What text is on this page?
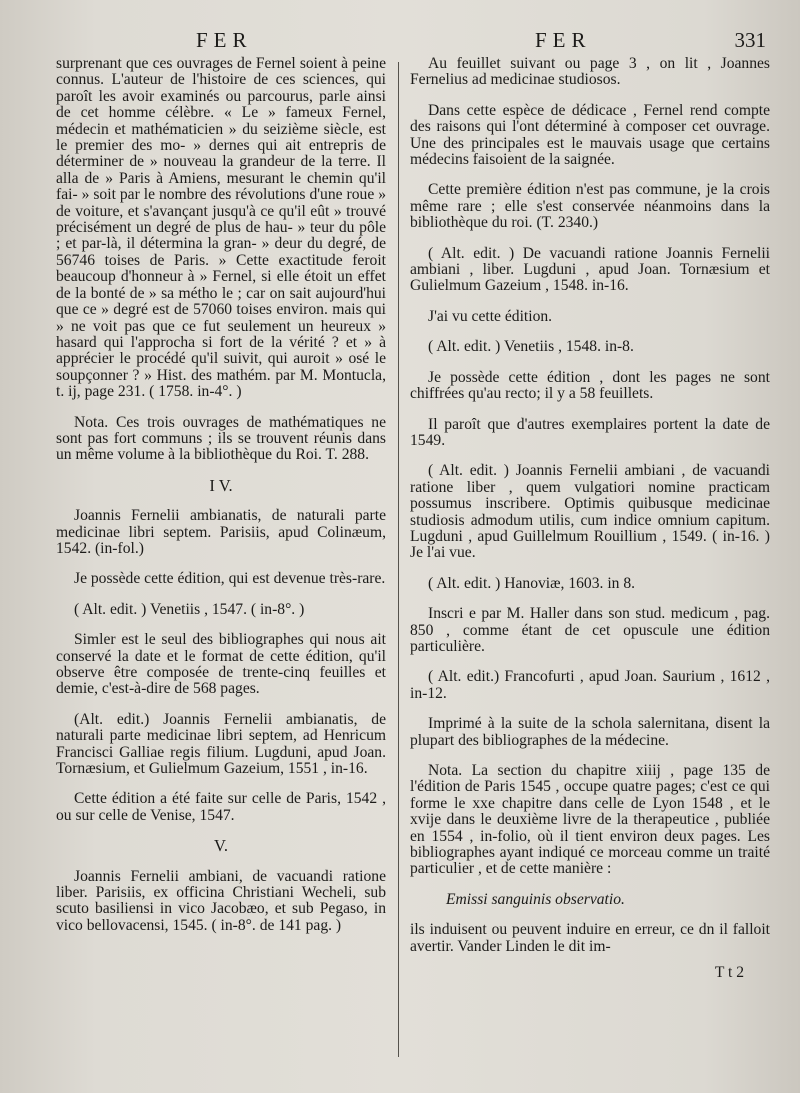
FER	FER	331

surprenant que ces ouvrages de Fernel soient à peine connus. L'auteur de l'histoire de ces sciences, qui paroît les avoir examinés ou parcourus, parle ainsi de cet homme célèbre. « Le » fameux Fernel, médecin et mathématicien » du seizième siècle, est le premier des mo- » dernes qui ait entrepris de déterminer de » nouveau la grandeur de la terre. Il alla de » Paris à Amiens, mesurant le chemin qu'il fai- » soit par le nombre des révolutions d'une roue » de voiture, et s'avançant jusqu'à ce qu'il eût » trouvé précisément un degré de plus de hau- » teur du pôle ; et par-là, il détermina la gran- » deur du degré, de 56746 toises de Paris. » Cette exactitude feroit beaucoup d'honneur à » Fernel, si elle étoit un effet de la bonté de » sa métho le ; car on sait aujourd'hui que ce » degré est de 57060 toises environ. mais qui » ne voit pas que ce fut seulement un heureux » hasard qui l'approcha si fort de la vérité ? et » à apprécier le procédé qu'il suivit, qui auroit » osé le soupçonner ? » Hist. des mathém. par M. Montucla, t. ij, page 231. ( 1758. in-4°. )

Nota. Ces trois ouvrages de mathématiques ne sont pas fort communs ; ils se trouvent réunis dans un même volume à la bibliothèque du Roi. T. 288.

I V.

Joannis Fernelii ambianatis, de naturali parte medicinae libri septem. Parisiis, apud Colinæum, 1542. (in-fol.)

Je possède cette édition, qui est devenue très-rare.

( Alt. edit. ) Venetiis , 1547. ( in-8°. )

Simler est le seul des bibliographes qui nous ait conservé la date et le format de cette édition, qu'il observe être composée de trente-cinq feuilles et demie, c'est-à-dire de 568 pages.

(Alt. edit.) Joannis Fernelii ambianatis, de naturali parte medicinae libri septem, ad Henricum Francisci Galliae regis filium. Lugduni, apud Joan. Tornæsium, et Gulielmum Gazeium, 1551 , in-16.

Cette édition a été faite sur celle de Paris, 1542 , ou sur celle de Venise, 1547.

V.

Joannis Fernelii ambiani, de vacuandi ratione liber. Parisiis, ex officina Christiani Wecheli, sub scuto basiliensi in vico Jacobæo, et sub Pegaso, in vico bellovacensi, 1545. ( in-8°. de 141 pag. )

Au feuillet suivant ou page 3 , on lit , Joannes Fernelius ad medicinae studiosos.

Dans cette espèce de dédicace , Fernel rend compte des raisons qui l'ont déterminé à composer cet ouvrage. Une des principales est le mauvais usage que certains médecins faisoient de la saignée.

Cette première édition n'est pas commune, je la crois même rare ; elle s'est conservée néanmoins dans la bibliothèque du roi. (T. 2340.)

( Alt. edit. ) De vacuandi ratione Joannis Fernelii ambiani , liber. Lugduni , apud Joan. Tornæsium et Gulielmum Gazeium , 1548. in-16.

J'ai vu cette édition.

( Alt. edit. ) Venetiis , 1548. in-8.

Je possède cette édition , dont les pages ne sont chiffrées qu'au recto; il y a 58 feuillets.

Il paroît que d'autres exemplaires portent la date de 1549.

( Alt. edit. ) Joannis Fernelii ambiani , de vacuandi ratione liber , quem vulgatiori nomine practicam possumus inscribere. Optimis quibusque medicinae studiosis admodum utilis, cum indice omnium capitum. Lugduni , apud Guillelmum Rouillium , 1549. ( in-16. ) Je l'ai vue.

( Alt. edit. ) Hanoviæ, 1603. in 8.

Inscri e par M. Haller dans son stud. medicum , pag. 850 , comme étant de cet opuscule une édition particulière.

( Alt. edit.) Francofurti , apud Joan. Saurium , 1612 , in-12.

Imprimé à la suite de la schola salernitana, disent la plupart des bibliographes de la médecine.

Nota. La section du chapitre xiiij , page 135 de l'édition de Paris 1545 , occupe quatre pages; c'est ce qui forme le xxe chapitre dans celle de Lyon 1548 , et le xvije dans le deuxième livre de la therapeutice , publiée en 1554 , in-folio, où il tient environ deux pages. Les bibliographes ayant indiqué ce morceau comme un traité particulier , et de cette manière :

Emissi sanguinis observatio.

ils induisent ou peuvent induire en erreur, ce dn il falloit avertir. Vander Linden le dit im-

T t 2
